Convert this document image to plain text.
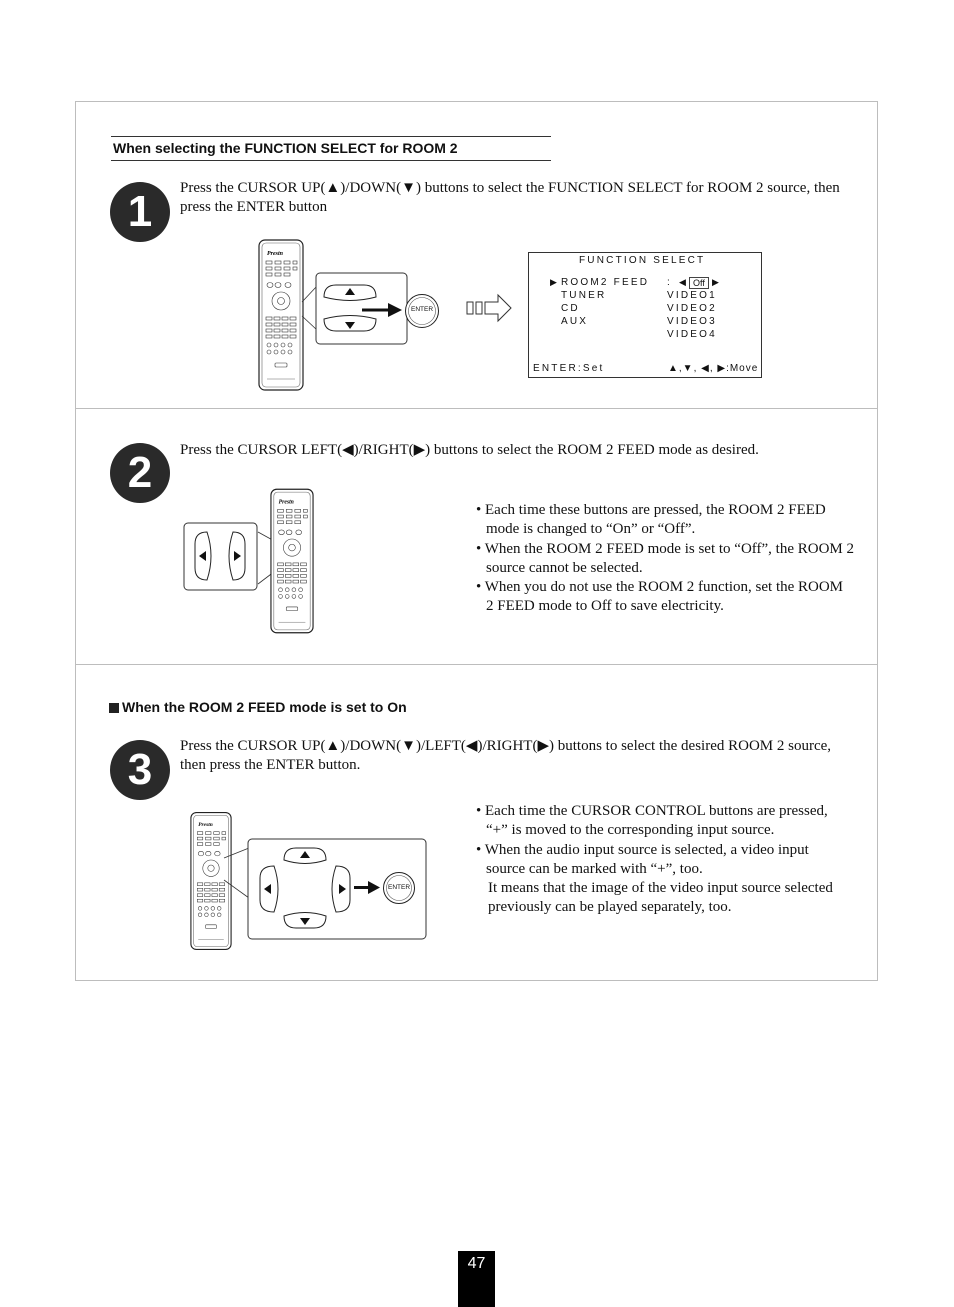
When selecting the FUNCTION SELECT for ROOM 2
1	Press the CURSOR UP(▲)/DOWN(▼) buttons to select the FUNCTION SELECT for ROOM 2 source, then press the ENTER button
Prestn
ENTER
FUNCTION SELECT
▶ ROOM2 FEED : ◀ Off ▶
TUNER	VIDEO1
CD	VIDEO2
AUX	VIDEO3
VIDEO4
ENTER:Set	▲,▼, ◀, ▶:Move
2	Press the CURSOR LEFT(◀)/RIGHT(▶) buttons to select the ROOM 2 FEED mode as desired.
Prestn	• Each time these buttons are pressed, the ROOM 2 FEED mode is changed to “On” or “Off”.
• When the ROOM 2 FEED mode is set to “Off”, the ROOM 2 source cannot be selected.
• When you do not use the ROOM 2 function, set the ROOM 2 FEED mode to Off to save electricity.
When the ROOM 2 FEED mode is set to On
3	Press the CURSOR UP(▲)/DOWN(▼)/LEFT(◀)/RIGHT(▶) buttons to select the desired ROOM 2 source, then press the ENTER button.
Prestn
ENTER
• Each time the CURSOR CONTROL buttons are pressed, “+” is moved to the corresponding input source.
• When the audio input source is selected, a video input source can be marked with “+”, too.
It means that the image of the video input source selected previously can be played separately, too.
47
